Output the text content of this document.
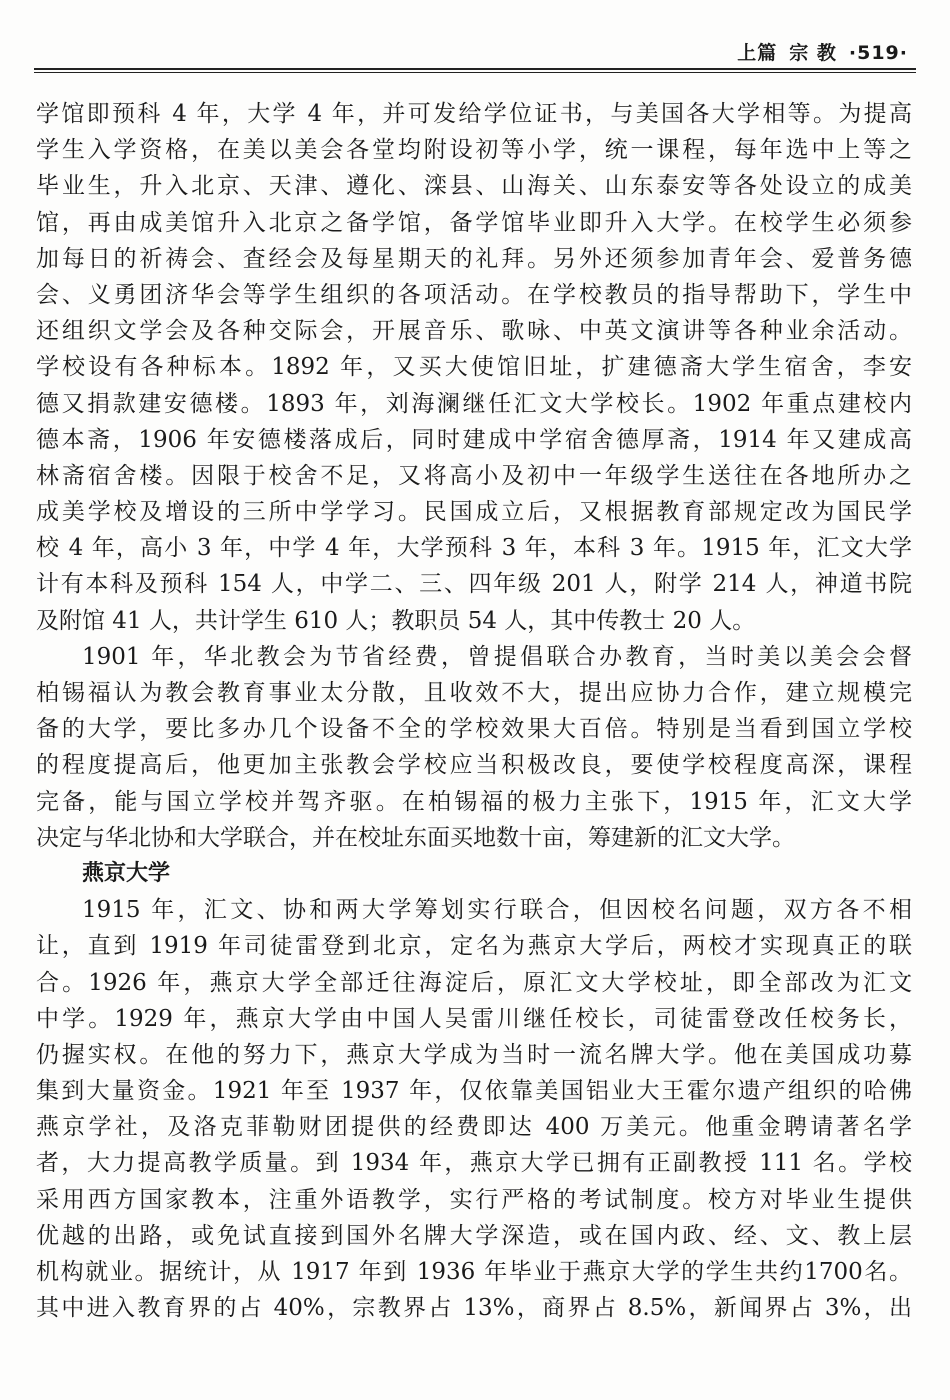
上篇 宗 教 ·519·
学馆即预科 4 年，大学 4 年，并可发给学位证书，与美国各大学相等。为提高
学生入学资格，在美以美会各堂均附设初等小学，统一课程，每年选中上等之
毕业生，升入北京、天津、遵化、滦县、山海关、山东泰安等各处设立的成美
馆，再由成美馆升入北京之备学馆，备学馆毕业即升入大学。在校学生必须参
加每日的祈祷会、査经会及每星期天的礼拜。另外还须参加青年会、爱普务德
会、义勇团济华会等学生组织的各项活动。在学校教员的指导帮助下，学生中
还组织文学会及各种交际会，开展音乐、歌咏、中英文演讲等各种业余活动。
学校设有各种标本。1892 年，又买大使馆旧址，扩建德斋大学生宿舍，李安
德又捐款建安德楼。1893 年，刘海澜继任汇文大学校长。1902 年重点建校内
德本斋，1906 年安德楼落成后，同时建成中学宿舍德厚斋，1914 年又建成高
林斋宿舍楼。因限于校舍不足，又将高小及初中一年级学生送往在各地所办之
成美学校及增设的三所中学学习。民国成立后，又根据教育部规定改为国民学
校 4 年，高小 3 年，中学 4 年，大学预科 3 年，本科 3 年。1915 年，汇文大学
计有本科及预科 154 人，中学二、三、四年级 201 人，附学 214 人，神道书院
及附馆 41 人，共计学生 610 人；教职员 54 人，其中传教士 20 人。
1901 年，华北教会为节省经费，曾提倡联合办教育，当时美以美会会督
柏锡福认为教会教育事业太分散，且收效不大，提出应协力合作，建立规模完
备的大学，要比多办几个设备不全的学校效果大百倍。特别是当看到国立学校
的程度提高后，他更加主张教会学校应当积极改良，要使学校程度高深，课程
完备，能与国立学校并驾齐驱。在柏锡福的极力主张下，1915 年，汇文大学
决定与华北协和大学联合，并在校址东面买地数十亩，筹建新的汇文大学。
燕京大学
1915 年，汇文、协和两大学筹划实行联合，但因校名问题，双方各不相
让，直到 1919 年司徒雷登到北京，定名为燕京大学后，两校才实现真正的联
合。1926 年，燕京大学全部迁往海淀后，原汇文大学校址，即全部改为汇文
中学。1929 年，燕京大学由中国人吴雷川继任校长，司徒雷登改任校务长，
仍握实权。在他的努力下，燕京大学成为当时一流名牌大学。他在美国成功募
集到大量资金。1921 年至 1937 年，仅依靠美国铝业大王霍尔遗产组织的哈佛
燕京学社，及洛克菲勒财团提供的经费即达 400 万美元。他重金聘请著名学
者，大力提高教学质量。到 1934 年，燕京大学已拥有正副教授 111 名。学校
采用西方国家教本，注重外语教学，实行严格的考试制度。校方对毕业生提供
优越的出路，或免试直接到国外名牌大学深造，或在国内政、经、文、教上层
机构就业。据统计，从 1917 年到 1936 年毕业于燕京大学的学生共约1700名。
其中进入教育界的占 40%，宗教界占 13%，商界占 8.5%，新闻界占 3%，出
